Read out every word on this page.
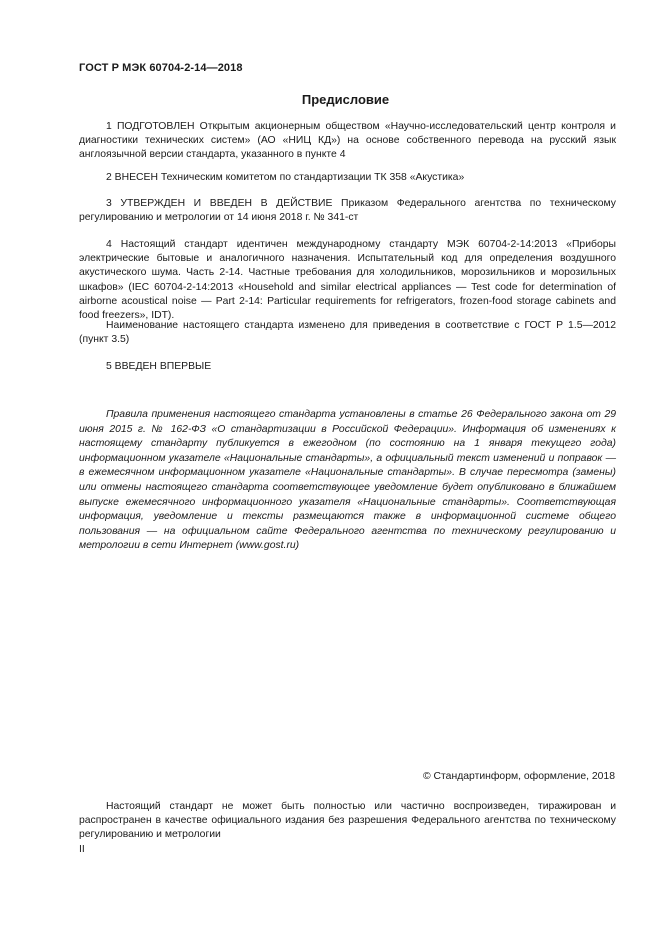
ГОСТ Р МЭК 60704-2-14—2018
Предисловие

1 ПОДГОТОВЛЕН Открытым акционерным обществом «Научно-исследовательский центр контроля и диагностики технических систем» (АО «НИЦ КД») на основе собственного перевода на русский язык англоязычной версии стандарта, указанного в пункте 4

2 ВНЕСЕН Техническим комитетом по стандартизации ТК 358 «Акустика»

3 УТВЕРЖДЕН И ВВЕДЕН В ДЕЙСТВИЕ Приказом Федерального агентства по техническому регулированию и метрологии от 14 июня 2018 г. № 341-ст

4 Настоящий стандарт идентичен международному стандарту МЭК 60704-2-14:2013 «Приборы электрические бытовые и аналогичного назначения. Испытательный код для определения воздушного акустического шума. Часть 2-14. Частные требования для холодильников, морозильников и морозильных шкафов» (IEC 60704-2-14:2013 «Household and similar electrical appliances — Test code for determination of airborne acoustical noise — Part 2-14: Particular requirements for refrigerators, frozen-food storage cabinets and food freezers», IDT).

Наименование настоящего стандарта изменено для приведения в соответствие с ГОСТ Р 1.5—2012 (пункт 3.5)

5 ВВЕДЕН ВПЕРВЫЕ

Правила применения настоящего стандарта установлены в статье 26 Федерального закона от 29 июня 2015 г. № 162-ФЗ «О стандартизации в Российской Федерации». Информация об изменениях к настоящему стандарту публикуется в ежегодном (по состоянию на 1 января текущего года) информационном указателе «Национальные стандарты», а официальный текст изменений и поправок — в ежемесячном информационном указателе «Национальные стандарты». В случае пересмотра (замены) или отмены настоящего стандарта соответствующее уведомление будет опубликовано в ближайшем выпуске ежемесячного информационного указателя «Национальные стандарты». Соответствующая информация, уведомление и тексты размещаются также в информационной системе общего пользования — на официальном сайте Федерального агентства по техническому регулированию и метрологии в сети Интернет (www.gost.ru)

© Стандартинформ, оформление, 2018

Настоящий стандарт не может быть полностью или частично воспроизведен, тиражирован и распространен в качестве официального издания без разрешения Федерального агентства по техническому регулированию и метрологии

II
